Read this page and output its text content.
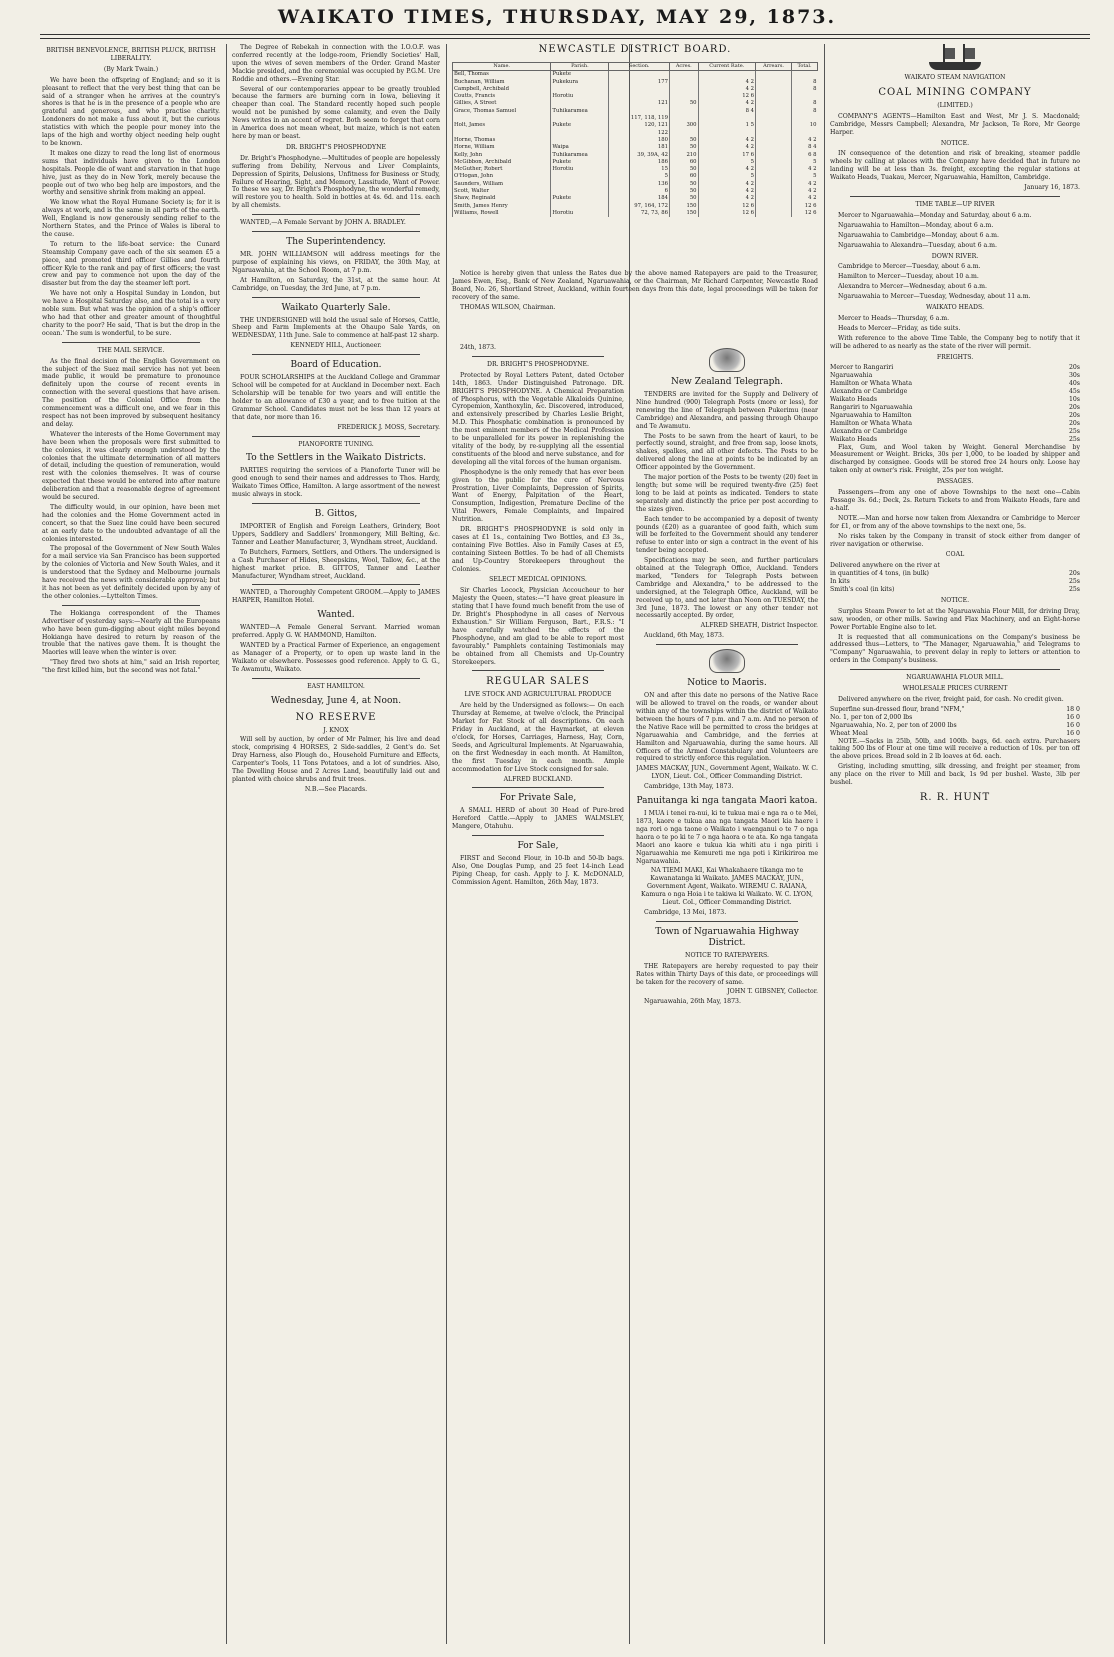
WAIKATO TIMES, THURSDAY, MAY 29, 1873.

BRITISH BENEVOLENCE, BRITISH PLUCK, BRITISH LIBERALITY.

(By Mark Twain.)

We have been the offspring of England; and so it is pleasant to reflect that the very best thing that can be said of a stranger when he arrives at the country's shores is that he is in the presence of a people who are grateful and generous, and who practise charity. Londoners do not make a fuss about it, but the curious statistics with which the people pour money into the laps of the high and worthy object needing help ought to be known.

It makes one dizzy to read the long list of enormous sums that individuals have given to the London hospitals. People die of want and starvation in that huge hive, just as they do in New York, merely because the people out of two who beg help are impostors, and the worthy and sensitive shrink from making an appeal.

We know what the Royal Humane Society is; for it is always at work, and is the same in all parts of the earth. Well, England is now generously sending relief to the Northern States, and the Prince of Wales is liberal to the cause.

To return to the life-boat service: the Cunard Steamship Company gave each of the six seamen £5 a piece, and promoted third officer Gillies and fourth officer Kyle to the rank and pay of first officers; the vast crew and pay to commence not upon the day of the disaster but from the day the steamer left port.

We have not only a Hospital Sunday in London, but we have a Hospital Saturday also, and the total is a very noble sum. But what was the opinion of a ship's officer who had that other and greater amount of thoughtful charity to the poor? He said, 'That is but the drop in the ocean.' The sum is wonderful, to be sure.

THE MAIL SERVICE.

As the final decision of the English Government on the subject of the Suez mail service has not yet been made public, it would be premature to pronounce definitely upon the course of recent events in connection with the several questions that have arisen. The position of the Colonial Office from the commencement was a difficult one, and we fear in this respect has not been improved by subsequent hesitancy and delay.

Whatever the interests of the Home Government may have been when the proposals were first submitted to the colonies, it was clearly enough understood by the colonies that the ultimate determination of all matters of detail, including the question of remuneration, would rest with the colonies themselves. It was of course expected that these would be entered into after mature deliberation and that a reasonable degree of agreement would be secured.

The difficulty would, in our opinion, have been met had the colonies and the Home Government acted in concert, so that the Suez line could have been secured at an early date to the undoubted advantage of all the colonies interested.

The proposal of the Government of New South Wales for a mail service via San Francisco has been supported by the colonies of Victoria and New South Wales, and it is understood that the Sydney and Melbourne journals have received the news with considerable approval; but it has not been as yet definitely decided upon by any of the other colonies.—Lyttelton Times.

The Hokianga correspondent of the Thames Advertiser of yesterday says:—Nearly all the Europeans who have been gum-digging about eight miles beyond Hokianga have desired to return by reason of the trouble that the natives gave them. It is thought the Maories will leave when the winter is over.

"They fired two shots at him," said an Irish reporter, "the first killed him, but the second was not fatal."

The Degree of Rebekah in connection with the I.O.O.F. was conferred recently at the lodge-room, Friendly Societies' Hall, upon the wives of seven members of the Order. Grand Master Mackie presided, and the ceremonial was occupied by P.G.M. Ure Roddie and others.—Evening Star.

Several of our contemporaries appear to be greatly troubled because the farmers are burning corn in Iowa, believing it cheaper than coal. The Standard recently hoped such people would not be punished by some calamity, and even the Daily News writes in an accent of regret. Both seem to forget that corn in America does not mean wheat, but maize, which is not eaten here by man or beast.

DR. BRIGHT'S PHOSPHODYNE

Dr. Bright's Phosphodyne.—Multitudes of people are hopelessly suffering from Debility, Nervous and Liver Complaints, Depression of Spirits, Delusions, Unfitness for Business or Study, Failure of Hearing, Sight, and Memory, Lassitude, Want of Power. To these we say, Dr. Bright's Phosphodyne, the wonderful remedy, will restore you to health. Sold in bottles at 4s. 6d. and 11s. each by all chemists.

WANTED,—A Female Servant by JOHN A. BRADLEY.

The Superintendency.

MR. JOHN WILLIAMSON will address meetings for the purpose of explaining his views, on FRIDAY, the 30th May, at Ngaruawahia, at the School Room, at 7 p.m.

At Hamilton, on Saturday, the 31st, at the same hour. At Cambridge, on Tuesday, the 3rd June, at 7 p.m.

Waikato Quarterly Sale.

THE UNDERSIGNED will hold the usual sale of Horses, Cattle, Sheep and Farm Implements at the Ohaupo Sale Yards, on WEDNESDAY, 11th June. Sale to commence at half-past 12 sharp.

KENNEDY HILL, Auctioneer.

Board of Education.

FOUR SCHOLARSHIPS at the Auckland College and Grammar School will be competed for at Auckland in December next. Each Scholarship will be tenable for two years and will entitle the holder to an allowance of £30 a year, and to free tuition at the Grammar School. Candidates must not be less than 12 years at that date, nor more than 16.

FREDERICK J. MOSS, Secretary.

PIANOFORTE TUNING.

To the Settlers in the Waikato Districts.

PARTIES requiring the services of a Pianoforte Tuner will be good enough to send their names and addresses to Thos. Hardy, Waikato Times Office, Hamilton. A large assortment of the newest music always in stock.

B. Gittos,

IMPORTER of English and Foreign Leathers, Grindery, Boot Uppers, Saddlery and Saddlers' Ironmongery, Mill Belting, &c. Tanner and Leather Manufacturer, 3, Wyndham street, Auckland.

To Butchers, Farmers, Settlers, and Others. The undersigned is a Cash Purchaser of Hides, Sheepskins, Wool, Tallow, &c., at the highest market price. B. GITTOS, Tanner and Leather Manufacturer, Wyndham street, Auckland.

WANTED, a Thoroughly Competent GROOM.—Apply to JAMES HARPER, Hamilton Hotel.

Wanted.

WANTED—A Female General Servant. Married woman preferred. Apply G. W. HAMMOND, Hamilton.

WANTED by a Practical Farmer of Experience, an engagement as Manager of a Property, or to open up waste land in the Waikato or elsewhere. Possesses good reference. Apply to G. G., Te Awamutu, Waikato.

EAST HAMILTON.

Wednesday, June 4, at Noon.

NO RESERVE

J. KNOX

Will sell by auction, by order of Mr Palmer, his live and dead stock, comprising 4 HORSES, 2 Side-saddles, 2 Gent's do. Set Dray Harness, also Plough do., Household Furniture and Effects, Carpenter's Tools, 11 Tons Potatoes, and a lot of sundries. Also, The Dwelling House and 2 Acres Land, beautifully laid out and planted with choice shrubs and fruit trees.

N.B.—See Placards.

NEWCASTLE DISTRICT BOARD.
Name.	Parish.	Section.	Acres.	Current Rate.	Arrears.	Total.
Bell, Thomas	Pukete					
Buchanan, William	Pukekura	177		4 2		8
Campbell, Archibald				4 2		8
Coutts, Francis	Horotiu			12 6		
Gillies, A Street		121	50	4 2		8
Grace, Thomas Samuel	Tuhikaramea			8 4		8
		117, 118, 119				
Holt, James	Pukete	120, 121	300	1 5		10
		122				
Horne, Thomas		180	50	4 2		4 2
Horne, William	Waipa	181	50	4 2		8 4
Kelly, John	Tuhikaramea	39, 39A, 42	210	17 6		6 8
McGibbon, Archibald	Pukete	186	60	5		5
McGuther, Robert	Horotiu	15	50	4 2		4 2
O'Hogan, John		5	60	5		5
Saunders, William		136	50	4 2		4 2
Scott, Walter		6	50	4 2		4 2
Shaw, Reginald	Pukete	184	50	4 2		4 2
Smith, James Henry		97, 164, 172	150	12 6		12 6
Williams, Rowell	Horotiu	72, 73, 86	150	12 6		12 6

Notice is hereby given that unless the Rates due by the above named Ratepayers are paid to the Treasurer, James Ewen, Esq., Bank of New Zealand, Ngaruawahia, or the Chairman, Mr Richard Carpenter, Newcastle Road Board, No. 26, Shortland Street, Auckland, within fourteen days from this date, legal proceedings will be taken for recovery of the same.

THOMAS WILSON, Chairman.

24th, 1873.

DR. BRIGHT'S PHOSPHODYNE.

Protected by Royal Letters Patent, dated October 14th, 1863. Under Distinguished Patronage. DR. BRIGHT'S PHOSPHODYNE. A Chemical Preparation of Phosphorus, with the Vegetable Alkaloids Quinine, Cyropemion, Xanthoxylin, &c. Discovered, introduced, and extensively prescribed by Charles Leslie Bright, M.D. This Phosphatic combination is pronounced by the most eminent members of the Medical Profession to be unparalleled for its power in replenishing the vitality of the body, by re-supplying all the essential constituents of the blood and nerve substance, and for developing all the vital forces of the human organism.

Phosphodyne is the only remedy that has ever been given to the public for the cure of Nervous Prostration, Liver Complaints, Depression of Spirits, Want of Energy, Palpitation of the Heart, Consumption, Indigestion, Premature Decline of the Vital Powers, Female Complaints, and Impaired Nutrition.

DR. BRIGHT'S PHOSPHODYNE is sold only in cases at £1 1s., containing Two Bottles, and £3 3s., containing Five Bottles. Also in Family Cases at £5, containing Sixteen Bottles. To be had of all Chemists and Up-Country Storekeepers throughout the Colonies.

SELECT MEDICAL OPINIONS.

Sir Charles Locock, Physician Accoucheur to her Majesty the Queen, states:—"I have great pleasure in stating that I have found much benefit from the use of Dr. Bright's Phosphodyne in all cases of Nervous Exhaustion." Sir William Ferguson, Bart., F.R.S.: "I have carefully watched the effects of the Phosphodyne, and am glad to be able to report most favourably." Pamphlets containing Testimonials may be obtained from all Chemists and Up-Country Storekeepers.

REGULAR SALES

LIVE STOCK AND AGRICULTURAL PRODUCE

Are held by the Undersigned as follows:— On each Thursday at Rememe, at twelve o'clock, the Principal Market for Fat Stock of all descriptions. On each Friday in Auckland, at the Haymarket, at eleven o'clock, for Horses, Carriages, Harness, Hay, Corn, Seeds, and Agricultural Implements. At Ngaruawahia, on the first Wednesday in each month. At Hamilton, the first Tuesday in each month. Ample accommodation for Live Stock consigned for sale.

ALFRED BUCKLAND.

For Private Sale,

A SMALL HERD of about 30 Head of Pure-bred Hereford Cattle.—Apply to JAMES WALMSLEY, Mangere, Otahuhu.

For Sale,

FIRST and Second Flour, in 10-lb and 50-lb bags. Also, One Douglas Pump, and 25 feet 14-inch Lead Piping Cheap, for cash. Apply to J. K. McDONALD, Commission Agent. Hamilton, 26th May, 1873.

New Zealand Telegraph.

TENDERS are invited for the Supply and Delivery of Nine hundred (900) Telegraph Posts (more or less), for renewing the line of Telegraph between Pukerimu (near Cambridge) and Alexandra, and passing through Ohaupo and Te Awamutu.

The Posts to be sawn from the heart of kauri, to be perfectly sound, straight, and free from sap, loose knots, shakes, spalkes, and all other defects. The Posts to be delivered along the line at points to be indicated by an Officer appointed by the Government.

The major portion of the Posts to be twenty (20) feet in length; but some will be required twenty-five (25) feet long to be laid at points as indicated. Tenders to state separately and distinctly the price per post according to the sizes given.

Each tender to be accompanied by a deposit of twenty pounds (£20) as a guarantee of good faith, which sum will be forfeited to the Government should any tenderer refuse to enter into or sign a contract in the event of his tender being accepted.

Specifications may be seen, and further particulars obtained at the Telegraph Office, Auckland. Tenders marked, "Tenders for Telegraph Posts between Cambridge and Alexandra," to be addressed to the undersigned, at the Telegraph Office, Auckland, will be received up to, and not later than Noon on TUESDAY, the 3rd June, 1873. The lowest or any other tender not necessarily accepted. By order,

ALFRED SHEATH, District Inspector.

Auckland, 6th May, 1873.

Notice to Maoris.

ON and after this date no persons of the Native Race will be allowed to travel on the roads, or wander about within any of the townships within the district of Waikato between the hours of 7 p.m. and 7 a.m. And no person of the Native Race will be permitted to cross the bridges at Ngaruawahia and Cambridge, and the ferries at Hamilton and Ngaruawahia, during the same hours. All Officers of the Armed Constabulary and Volunteers are required to strictly enforce this regulation.

JAMES MACKAY, JUN., Government Agent, Waikato. W. C. LYON, Lieut. Col., Officer Commanding District.

Cambridge, 13th May, 1873.

Panuitanga ki nga tangata Maori katoa.

I MUA i tenei ra-nui, ki te tukua mai e nga ra o te Mei, 1873, kaore e tukua ana nga tangata Maori kia haere i nga rori o nga taone o Waikato i waenganui o te 7 o nga haora o te po ki te 7 o nga haora o te ata. Ko nga tangata Maori ano kaore e tukua kia whiti atu i nga piriti i Ngaruawahia me Kemureti me nga poti i Kirikiriroa me Ngaruawahia.

NA TIEMI MAKI, Kai Whakahaere tikanga mo te Kawanatanga ki Waikato. JAMES MACKAY, JUN., Government Agent, Waikato. WIREMU C. RAIANA, Kamura o nga Hoia i te takiwa ki Waikato. W. C. LYON, Lieut. Col., Officer Commanding District.

Cambridge, 13 Mei, 1873.

Town of Ngaruawahia Highway District.

NOTICE TO RATEPAYERS.

THE Ratepayers are hereby requested to pay their Rates within Thirty Days of this date, or proceedings will be taken for the recovery of same.

JOHN T. GIBSNEY, Collector.

Ngaruawahia, 26th May, 1873.

WAIKATO STEAM NAVIGATION

COAL MINING COMPANY

(LIMITED.)

COMPANY'S AGENTS—Hamilton East and West, Mr J. S. Macdonald; Cambridge, Messrs Campbell; Alexandra, Mr Jackson, Te Rore, Mr George Harper.

NOTICE.

IN consequence of the detention and risk of breaking, steamer paddle wheels by calling at places with the Company have decided that in future no landing will be at less than 3s. freight, excepting the regular stations at Waikato Heads, Tuakau, Mercer, Ngaruawahia, Hamilton, Cambridge.

January 16, 1873.

TIME TABLE—UP RIVER

Mercer to Ngaruawahia—Monday and Saturday, about 6 a.m.

Ngaruawahia to Hamilton—Monday, about 6 a.m.

Ngaruawahia to Cambridge—Monday, about 6 a.m.

Ngaruawahia to Alexandra—Tuesday, about 6 a.m.

DOWN RIVER.

Cambridge to Mercer—Tuesday, about 6 a.m.

Hamilton to Mercer—Tuesday, about 10 a.m.

Alexandra to Mercer—Wednesday, about 6 a.m.

Ngaruawahia to Mercer—Tuesday, Wednesday, about 11 a.m.

WAIKATO HEADS.

Mercer to Heads—Thursday, 6 a.m.

Heads to Mercer—Friday, as tide suits.

With reference to the above Time Table, the Company beg to notify that it will be adhered to as nearly as the state of the river will permit.

FREIGHTS.

Mercer to Rangariri	20s
Ngaruawahia	30s
Hamilton or Whata Whata	40s
Alexandra or Cambridge	45s
Waikato Heads	10s
Rangariri to Ngaruawahia	20s
Ngaruawahia to Hamilton	20s
Hamilton or Whata Whata	20s
Alexandra or Cambridge	25s
Waikato Heads	25s

Flax, Gum, and Wool taken by Weight. General Merchandise by Measurement or Weight. Bricks, 30s per 1,000, to be loaded by shipper and discharged by consignee. Goods will be stored free 24 hours only. Loose hay taken only at owner's risk. Freight, 25s per ton weight.

PASSAGES.

Passengers—from any one of above Townships to the next one—Cabin Passage 3s. 6d.; Deck, 2s. Return Tickets to and from Waikato Heads, fare and a-half.

NOTE.—Man and horse now taken from Alexandra or Cambridge to Mercer for £1, or from any of the above townships to the next one, 5s.

No risks taken by the Company in transit of stock either from danger of river navigation or otherwise.

COAL

Delivered anywhere on the river at
in quantities of 4 tons, (in bulk)	20s
In kits	25s
Smith's coal (in kits)	25s

NOTICE.

Surplus Steam Power to let at the Ngaruawahia Flour Mill, for driving Dray, saw, wooden, or other mills. Sawing and Flax Machinery, and an Eight-horse Power Portable Engine also to let.

It is requested that all communications on the Company's business be addressed thus—Letters, to "The Manager, Ngaruawahia," and Telegrams to "Company" Ngaruawahia, to prevent delay in reply to letters or attention to orders in the Company's business.

NGARUAWAHIA FLOUR MILL.

WHOLESALE PRICES CURRENT

Delivered anywhere on the river, freight paid, for cash. No credit given.

Superfine sun-dressed flour, brand "NFM,"	18 0
No. 1, per ton of 2,000 lbs	16 0
Ngaruawahia, No. 2, per ton of 2000 lbs	16 0
Wheat Meal	16 0

NOTE.—Sacks in 25lb, 50lb, and 100lb. bags, 6d. each extra. Purchasers taking 500 lbs of Flour at one time will receive a reduction of 10s. per ton off the above prices. Bread sold in 2 lb loaves at 6d. each.

Gristing, including smutting, silk dressing, and freight per steamer, from any place on the river to Mill and back, 1s 9d per bushel. Waste, 3lb per bushel.

R. R. HUNT
